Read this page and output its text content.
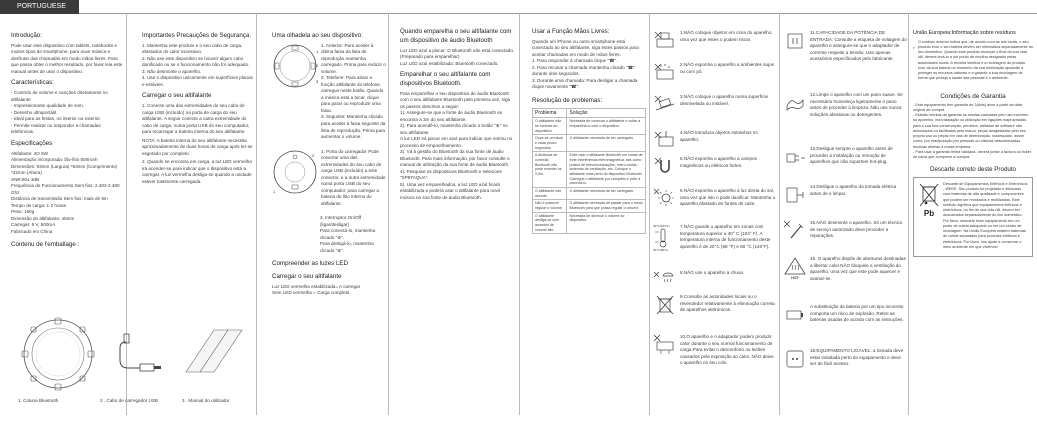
PORTUGUESE
Introdução:
Pode usar este dispositivo com tablets, notebooks e muitos tipos de smartphone, para ouvir música e desfrutar das chamadas em modo mãos-livres. Para que possa obter o melhor resultado, por favor leia este manual antes de usar o dispositivo.
Características:
- Controlo de volume e canções diretamente no altifalante
- Impressionante qualidade de som.
- Desenho ultraportátil.
- Ideal para as festas, no interior ou exterior.
- Permite realizar ou responder a chamadas telefónicas.
Especificações
Altifalante: 4O 5W
Alimentação incorporada: lão-lítio 600mAh
Dimensões: 93mm (Largura) *93mm (Comprimento) *42mm (Altura)
SNR:80± 3dB
Frequência de Funcionamento Sem fios: 2.402-2.480 Ghz
Distância de transmissão Sem fios: mais de 9m
Tempo de carga: 1-2 horas
Peso: 160g
Dimensão do altifalante: 45mm
Carregar: 5 V, 500mA
Fabricado em China
Contenu de l'emballage :
1. Coluna Bluetooth	2 . Cabo de carregador USB	3 . Manual do utilizador
Importantes Precauções de Segurança:
1. Mantenha este produto e o seu cabo de carga, afastados do calor excessivo.
2. Não use este dispositivo se houver algum cabo danificado ou se o funcionamento não for adequado.
3. Não desmonte o aparelho.
4. Use o dispositivo unicamente em superfícies planas e estáveis.
Carregar o seu altifalante
1. Conecte uma das extremidades do seu cabo de carga USB (incluído) na porta de carga do seu altifalante. A seguir conecte a outra extremidade do cabo de carga, numa porta USB do seu computador, para recarregar a bateria interna do seu altifalante.
NOTA: A bateria interna do seu altifalante necessita aproximadamente de duas horas de carga após ter-se esgotado por completo.
2. Quando se encontra em carga, a luz LED vermelha irá acender-se para indicar que o dispositivo está a carregar. A luz vermelha desliga-se quando a unidade estiver totalmente carregada.
Uma olhadela ao seu dispositivo:
1
2
3
1. Anterior: Para aceder à última faixa da lista de reprodução mantenha carregado. Prima para reduzir o volume.
2. Telefone: Para ativar a função altifalante do telefone, carregue neste botão. Quando a música está a tocar, clique para parar ou reproduzir uma faixa.
3. Seguinte: Mantenha clicado para aceder à faixa seguinte da lista de reprodução. Prima para aumentar o volume.
1
2
1. Porta do carregador Pode conectar uma das extremidades do seu cabo de carga USB (incluído) a este conector, e a outra extremidade numa porta USB do seu computador, para carregar a bateria de lítio interno do altifalante.
2. Interruptor On/Off (ligar/desligar)
Para conectá-lo, mantenha clicado "⊕".
Para desligá-lo, mantenha clicado "⊕".
Compreender as luzes LED
Carregar o seu altifalante
Luz LED vermelha estabilizada= A carregar
Sem LED vermelha = Carga completa
Quando emparelha o seu altifalante com um dispositivo de áudio Bluetooth
Luz LED azul a piscar: O Bluetooth não está conectado. (Preparado para emparelhar)
Luz LED azul estabilizada: Bluetooth conectado.
Emparelhar o seu altifalante com dispositivos Bluetooth.
Para emparelhar o seu dispositivo de áudio Bluetooth com o seu altifalante Bluetooth pela primeira vez, siga os passos descritos a seguir:
1). Assegure-se que a fonte de áudio Bluetooth se encontra a 3m do seu altifalante.
2). Para acendê-lo, mantenha clicado o botão "⊕" no seu altifalante.
A luz LED irá piscar em azul para indicar que entrou no processo de emparelhamento.
3). Vá à gestão do Bluetooth da sua fonte de áudio Bluetooth. Para mais informação, por favor consulte o manual de utilização da sua fonte de áudio Bluetooth.
4). Pesquise os dispositivos Bluetooth e selecione "SP8TAQUA".
5). Uma vez emparelhados, a luz LED azul ficará estabilizada e poderá usar o altifalante para ouvir música na sua fonte de áudio Bluetooth.
Usar a Função Mãos Livres:
Quando um iPhone ou outro smartphone está conectado ao seu altifalante, siga estes passos para aceitar chamadas em modo de mãos livres.
1. Para responder à chamada clique "☎".
2. Para recusar a chamada mantenha clicado "☎" durante dois segundos.
3. Durante uma chamada: Para desligar a chamada clique novamente "☎".
Resolução de problemas:
Problema	Solução
O altifalante não se conecta ao dispositivo.	Necessita de conectar o altifalante e voltar a emparelhá-lo com o dispositivo.
Ouve-se um sinal e cada pouco segundos.	O altifalante necessita de ser carregado.
A distância de conexão Bluetooth não pode exceder os 9,5m.	Evite usar o altifalante Bluetooth em zonas de forte interferência eletromagnética, tais como postos de telecomunicações, micro-ondas, sistemas de ventilação, etc. Coloque o altifalante mais perto do dispositivo Bluetooth. Carregue o altifalante por completo e volte a conectá-lo.
O altifalante não acende.	O altifalante necessita de ser carregado.
Não é possível regular o volume.	O altifalante necessita de passar para o modo Bluetooth para que possa regular o volume.
O altifalante desliga-se com aumento de volume alto.	Necessita de diminuir o volume do dispositivo.
1.NÃO coloque objetos em cima do aparelho, uma vez que estes o podem riscar.
2.NÃO exponha o aparelho a ambientes sujos ou com pó.
3.NÃO coloque o aparelho numa superfície desnivelada ou instável.
4.NÃO introduza objetos estranhos no aparelho.
5.NÃO exponha o aparelho a campos magnéticos ou elétricos fortes.
6.NÃO exponha o aparelho à luz direta do sol, uma vez que isto o pode danificar. Mantenha o aparelho afastado de fontes de calor.
40°C(104°F)
20°C(68°F)
7.NÃO guarde o aparelho em zonas com temperatura superior a 40° C (104° F). A temperatura interna de funcionamento deste aparelho é de 20°C (68 °F) e 60 °C (140°F).
8.NÃO use o aparelho à chuva.
9.Consulte as autoridades locais ou o revendedor relativamente à eliminação correta de aparelhos eletrónicos.
10.O aparelho e o adaptador podem produzir calor durante o seu normal funcionamento de carga.Para evitar o desconforto ou lesões causados pela exposição ao calor, NÃO deixe o aparelho no seu colo.
11.CAPACIDADE DA POTÊNCIA DE ENTRADA: Consulte a etiqueta de voltagem do aparelho e assegure-se que o adaptador de corrente respeite a tensão. Use apenas acessórios especificados pelo fabricante.
12.Limpe o aparelho com um pano suave. Se necessário humedeça ligeiramente o pano antes de proceder à limpeza. Não use nunca soluções abrasivas ou detergentes.
13.Desligue sempre o aparelho antes de proceder à instalação ou remoção de aparelhos que não suportem hot-plug.
14.Desligue o aparelho da tomada elétrica antes de o limpar.
15.NÃO desmonte o aparelho. Só um técnico de serviço autorizado deve proceder a reparações.
HOT
16. O aparelho dispõe de aberturas destinadas a libertar calor.NÃO bloqueie a ventilação do aparelho, uma vez que este pode aquecer e avariar-se.
A substituição da bateria por um tipo incorreto comporta um risco de explosão. Retire as baterias usadas de acordo com as instruções.
18.EQUIPAMENTO LIGÁVEL: a tomada deve estar instalada perto do equipamento e deve ser de fácil acesso.
União Europeia:Informação sobre resíduos
O símbolo anterior indica que, de acordo com as leis locais, o seu produto e/ou o seu bateria devem ser eliminados separadamente do lixo doméstico. Quando este produto alcançar o final da sua vida útil, deverá levá-lo a um ponto de recolha designado pelas autoridades locais. A recolha seletiva e a reciclagem do produto e/ou da sua bateria no momento da sua eliminação ajudarão a proteger os recursos naturais e a garantir a sua reciclagem de forma que proteja a saúde das pessoas e o ambiente.
Condições de Garantia
- Esta equipamento tem garantia de 2(dois) anos a partir da data original de compra.
- Estarão isentas da garantia as avarias causadas pelo uso incorreto do aparelho, má instalação ou utilização em ligações inapropriadas para a sua boa conservação, perdidos, aditados de software não autorizados ou facilitados pela marca, peças desgastadas pelo seu próprio uso ou peças em vias de deterioração, inadequado, assim como, por manipulação por pessoas ou oficinas desautorizadas técnicas alheias à nossa empresa.
- Para usar a garantia tenha validada, deverá juntar a factura ou ticket de caixa que comprove a compra.
Descarte correto deste Produto
Pb
Descarte de Equipamentos Elétricos e Eletrônicos - WEEE. Seu produto foi projetado e fabricado com materiais de alta qualidade e componentes que podem ser reciclados e reutilizados. Este símbolo significa que equipamentos elétricos e eletrônicos, no fim de sua vida útil, devem ser descartados separadamente do lixo doméstico. Por favor, descarte esse equipamento em um posto de coleta adequado ou em um centro de reciclagem. Na União Européia existem sistemas de coleta separados para produtos elétricos e eletrônicos. Por favor, nos ajude a conservar o meio ambiente em que vivemos!
